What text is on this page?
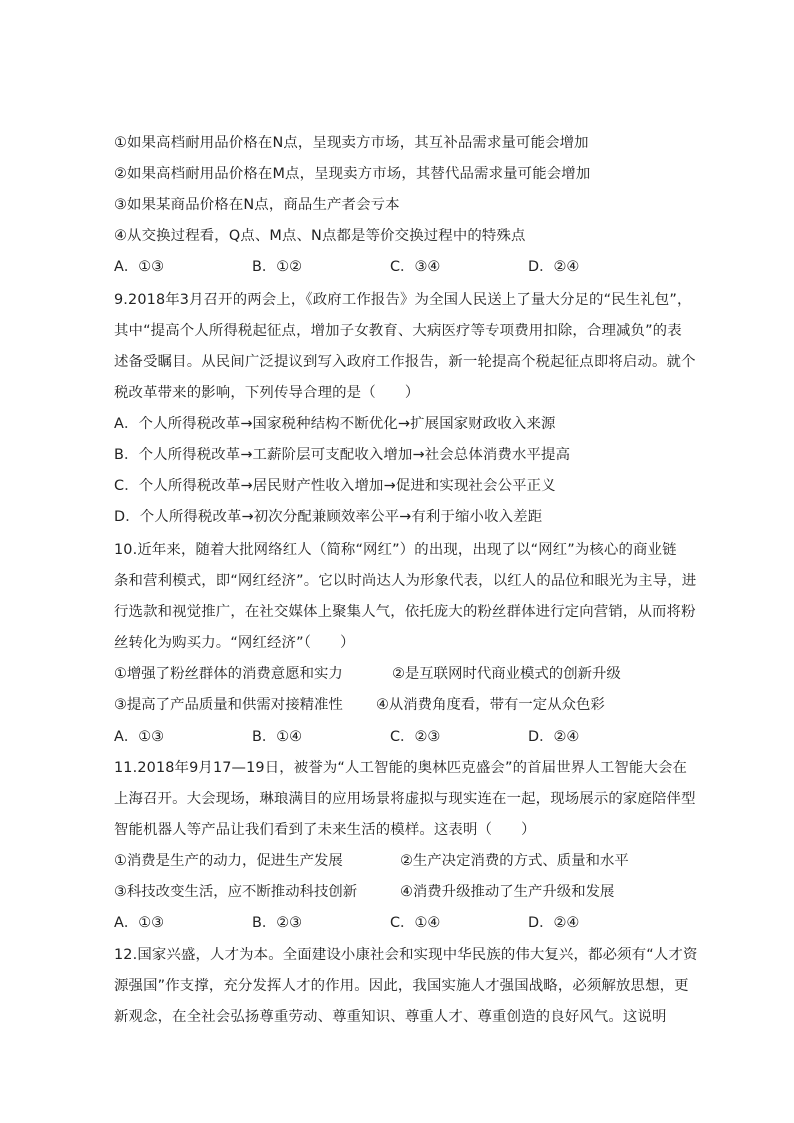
①如果高档耐用品价格在N点，呈现卖方市场，其互补品需求量可能会增加
②如果高档耐用品价格在M点，呈现卖方市场，其替代品需求量可能会增加
③如果某商品价格在N点，商品生产者会亏本
④从交换过程看，Q点、M点、N点都是等价交换过程中的特殊点
A．①③	B．①②	C．③④	D．②④
9.2018年3月召开的两会上，《政府工作报告》为全国人民送上了量大分足的“民生礼包”，
其中“提高个人所得税起征点，增加子女教育、大病医疗等专项费用扣除，合理减负”的表
述备受瞩目。从民间广泛提议到写入政府工作报告，新一轮提高个税起征点即将启动。就个
税改革带来的影响，下列传导合理的是（　　）
A．个人所得税改革→国家税种结构不断优化→扩展国家财政收入来源
B．个人所得税改革→工薪阶层可支配收入增加→社会总体消费水平提高
C．个人所得税改革→居民财产性收入增加→促进和实现社会公平正义
D．个人所得税改革→初次分配兼顾效率公平→有利于缩小收入差距
10.近年来，随着大批网络红人（简称“网红”）的出现，出现了以“网红”为核心的商业链
条和营利模式，即“网红经济”。它以时尚达人为形象代表，以红人的品位和眼光为主导，进
行选款和视觉推广，在社交媒体上聚集人气，依托庞大的粉丝群体进行定向营销，从而将粉
丝转化为购买力。“网红经济”（　　）
①增强了粉丝群体的消费意愿和实力	②是互联网时代商业模式的创新升级
③提高了产品质量和供需对接精准性 ④从消费角度看，带有一定从众色彩
A．①③	B．①④	C．②③	D．②④
11.2018年9月17—19日，被誉为“人工智能的奥林匹克盛会”的首届世界人工智能大会在
上海召开。大会现场，琳琅满目的应用场景将虚拟与现实连在一起，现场展示的家庭陪伴型
智能机器人等产品让我们看到了未来生活的模样。这表明（　　）
①消费是生产的动力，促进生产发展	②生产决定消费的方式、质量和水平
③科技改变生活，应不断推动科技创新	④消费升级推动了生产升级和发展
A．①③	B．②③	C．①④	D．②④
12.国家兴盛，人才为本。全面建设小康社会和实现中华民族的伟大复兴，都必须有“人才资
源强国”作支撑，充分发挥人才的作用。因此，我国实施人才强国战略，必须解放思想，更
新观念，在全社会弘扬尊重劳动、尊重知识、尊重人才、尊重创造的良好风气。这说明
